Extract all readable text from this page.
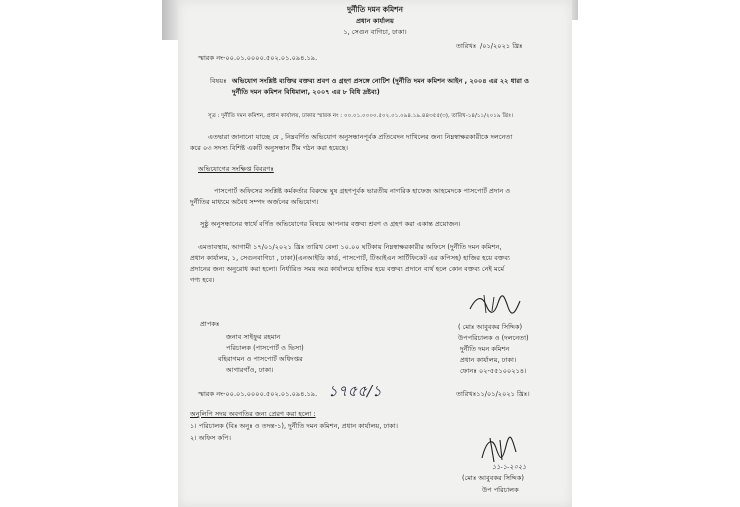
দুর্নীতি দমন কমিশন
প্রধান কার্যালয়
১, সেগুন বাগিচা, ঢাকা।
স্মারক নং-০০.০১.০০০০.৫০২.০১.০৯৪.১৯.
তারিখঃ /০১/২০২১ খ্রিঃ
বিষয়ঃ অভিযোগ সংশ্লিষ্ট ব্যক্তির বক্তব্য শ্রবণ ও গ্রহণ প্রসঙ্গে নোটিশ (দুর্নীতি দমন কমিশন আইন , ২০০৪ এর ২২ ধারা ও
দুর্নীতি দমন কমিশন বিধিমালা, ২০০৭ এর ৮ বিধি দ্রষ্টব্য)
সূত্র : দুর্নীতি দমন কমিশন, প্রধান কার্যালয়, ঢাকার স্মারক নং : ০০.০১.০০০০.৫০২.০১.০৯৪.১৯.৪৪৩৫৫(৩), তারিখ-১৪/১১/২০১৯ খ্রিঃ।
এতদ্বারা জানানো যাচ্ছে যে , নিম্নবর্ণিত অভিযোগ অনুসন্ধানপূর্বক প্রতিবেদন দাখিলের জন্য নিম্নস্বাক্ষরকারীকে দলনেতা
করে ০৩ সদস্য বিশিষ্ট একটি অনুসন্ধান টীম গঠন করা হয়েছে।
অভিযোগের সংক্ষিপ্ত বিবরণঃ
পাসপোর্ট অফিসের সংশ্লিষ্ট কর্মকর্তার বিরুদ্ধে ঘুষ গ্রহণপূর্বক ভারতীয় নাগরিক হাফেজ আহমেদকে পাসপোর্ট প্রদান ও
দুর্নীতির মাধ্যমে অবৈধ সম্পদ অর্জনের অভিযোগ।
সুষ্ঠু অনুসন্ধানের স্বার্থে বর্ণিত অভিযোগের বিষয়ে আপনার বক্তব্য শ্রবণ ও গ্রহণ করা একান্ত প্রয়োজন।
এমতাবস্থায়, আগামী ১৭/০১/২০২১ খ্রিঃ তারিখ বেলা ১০.০০ ঘটিকায় নিম্নস্বাক্ষরকারীর অফিসে (দুর্নীতি দমন কমিশন,
প্রধান কার্যালয়, ১, সেগুনবাগিচা , ঢাকা)(এনআইডি কার্ড, পাসপোর্ট, টিআইএন সার্টিফিকেট এর কপিসহ) হাজির হয়ে বক্তব্য
প্রদানের জন্য অনুরোধ করা হলো। নির্ধারিত সময় অত্র কার্যালয়ে হাজির হয়ে বক্তব্য প্রদানে ব্যর্থ হলে কোন বক্তব্য নেই মর্মে
গণ্য হবে।
( মোঃ আবুবকর সিদ্দিক)
উপপরিচালক ও (দলনেতা)
দুর্নীতি দমন কমিশন
প্রধান কার্যালয়, ঢাকা।
ফোনঃ ০২-৫৫১০০২১৪।
প্রাপকঃ
জনাব সাইফুর রহমান
পরিচালক (পাসপোর্ট ও ভিসা)
বহিরাগমন ও পাসপোর্ট অধিদপ্তর
আগারগাঁও, ঢাকা।
স্মারক নং-০০.০১.০০০০.৫০২.০১.০৯৪.১৯. ১৭৫৫/১	তারিখঃ১১/০১/২০২১ খ্রিঃ।
অনুলিপি সদয় অবগতির জন্য প্রেরণ করা হলো :
১। পরিচালক (বিঃ অনুঃ ও তদন্ত-১), দুর্নীতি দমন কমিশন, প্রধান কার্যালয়, ঢাকা।
২। অফিস কপি।
১১-১-২০২১
(মোঃ আবুবকর সিদ্দিক)
উপ পরিচালক
